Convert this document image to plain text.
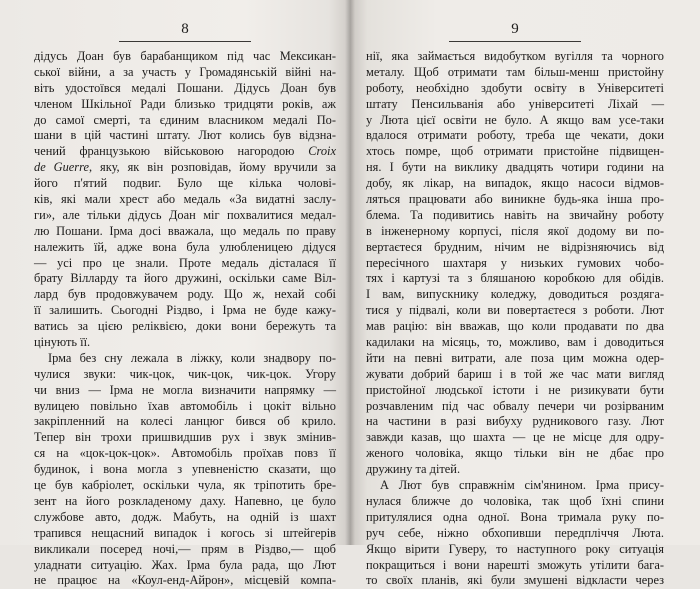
8
дідусь Доан був барабанщиком під час Мексикан-
ської війни, а за участь у Громадянській війні на-
віть удостоївся медалі Пошани. Дідусь Доан був
членом Шкільної Ради близько тридцяти років, аж
до самої смерті, та єдиним власником медалі По-
шани в цій частині штату. Лют колись був відзна-
чений французькою військовою нагородою Croix
de Guerre, яку, як він розповідав, йому вручили за
його п'ятий подвиг. Було ще кілька чолові-
ків, які мали хрест або медаль «За видатні заслу-
ги», але тільки дідусь Доан міг похвалитися медал-
лю Пошани. Ірма досі вважала, що медаль по праву
належить їй, адже вона була улюбленицею дідуся
— усі про це знали. Проте медаль дісталася її
брату Вілларду та його дружині, оскільки саме Віл-
лард був продовжувачем роду. Що ж, нехай собі
її залишить. Сьогодні Різдво, і Ірма не буде кажу-
ватись за цією реліквією, доки вони бережуть та
цінують її.
Ірма без сну лежала в ліжку, коли знадвору по-
чулися звуки: чик-цок, чик-цок, чик-цок. Угору
чи вниз — Ірма не могла визначити напрямку —
вулицею повільно їхав автомобіль і цокіт вільно
закріпленний на колесі ланцюг бився об крило.
Тепер він трохи пришвидшив рух і звук змінив-
ся на «цок-цок-цок». Автомобіль проїхав повз її
будинок, і вона могла з упевненістю сказати, що
це був кабріолет, оскільки чула, як тріпотить бре-
зент на його розкладеному даху. Напевно, це було
службове авто, додж. Мабуть, на одній із шахт
трапився нещасний випадок і когось зі штейгерів
викликали посеред ночі,— прям в Різдво,— щоб
уладнати ситуацію. Жах. Ірма була рада, що Лют
не працює на «Коул-енд-Айрон», місцевій компа-
9
нії, яка займається видобутком вугілля та чорного
металу. Щоб отримати там більш-менш пристойну
роботу, необхідно здобути освіту в Університеті
штату Пенсильванія або університеті Ліхай —
у Люта цієї освіти не було. А якщо вам усе-таки
вдалося отримати роботу, треба ще чекати, доки
хтось помре, щоб отримати пристойне підвищен-
ня. І бути на виклику двадцять чотири години на
добу, як лікар, на випадок, якщо насоси відмов-
ляться працювати або виникне будь-яка інша про-
блема. Та подивитись навіть на звичайну роботу
в інженерному корпусі, після якої додому ви по-
вертаєтеся брудним, нічим не відрізняючись від
пересічного шахтаря у низьких гумових чобо-
тях і картузі та з бляшаною коробкою для обідів.
І вам, випускнику коледжу, доводиться роздяга-
тися у підвалі, коли ви повертаєтеся з роботи. Лют
мав рацію: він вважав, що коли продавати по два
кадилаки на місяць, то, можливо, вам і доводиться
йти на певні витрати, але поза цим можна одер-
жувати добрий бариш і в той же час мати вигляд
пристойної людської істоти і не ризикувати бути
розчавленим під час обвалу печери чи розірваним
на частини в разі вибуху рудникового газу. Лют
завжди казав, що шахта — це не місце для одру-
женого чоловіка, якщо тільки він не дбає про
дружину та дітей.
А Лют був справжнім сім'янином. Ірма прису-
нулася ближче до чоловіка, так щоб їхні спини
притулялися одна одної. Вона тримала руку по-
руч себе, ніжно обхопивши передпліччя Люта.
Якщо вірити Гуверу, то наступного року ситуація
покращиться і вони нарешті зможуть утілити бага-
то своїх планів, які були змушені відкласти через
